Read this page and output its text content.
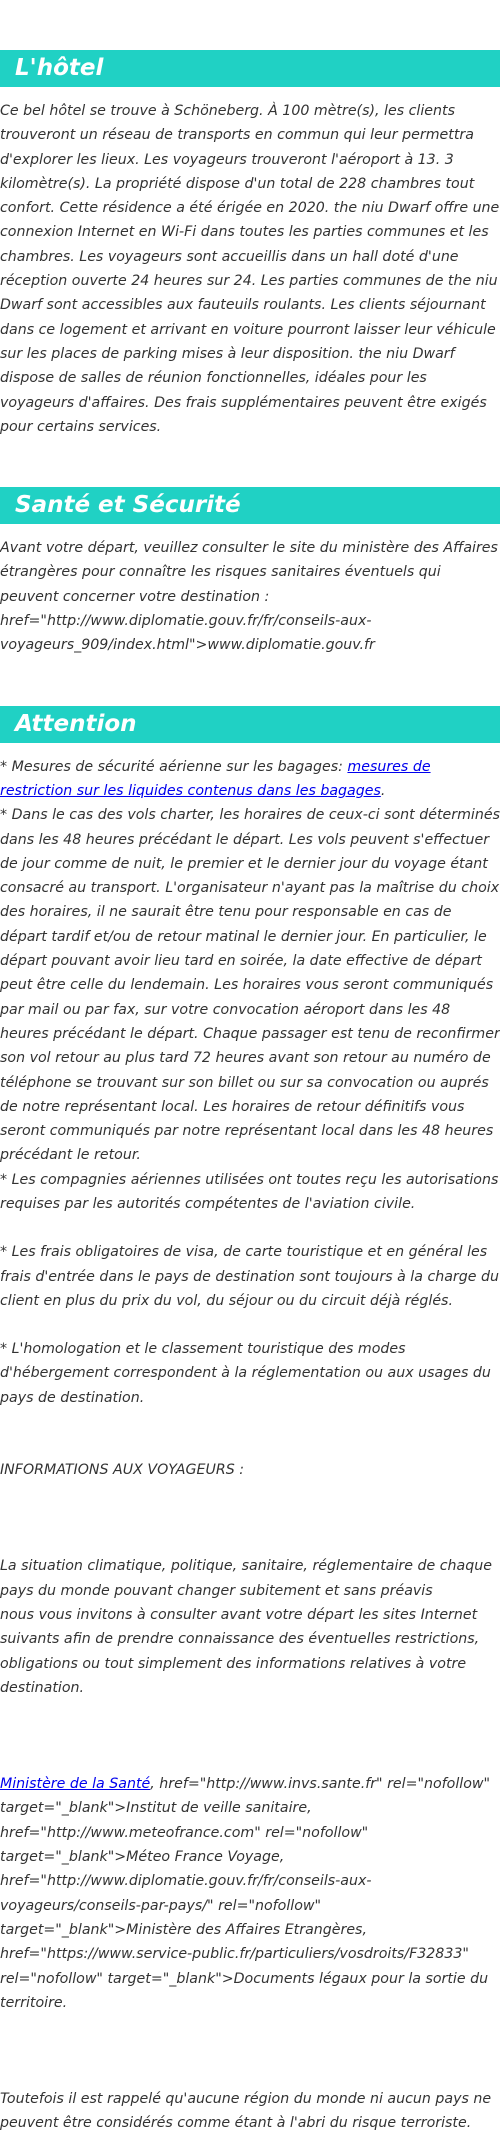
L'hôtel

Ce bel hôtel se trouve à Schöneberg. À 100 mètre(s), les clients trouveront un réseau de transports en commun qui leur permettra d'explorer les lieux. Les voyageurs trouveront l'aéroport à 13. 3 kilomètre(s). La propriété dispose d'un total de 228 chambres tout confort. Cette résidence a été érigée en 2020. the niu Dwarf offre une connexion Internet en Wi-Fi dans toutes les parties communes et les chambres. Les voyageurs sont accueillis dans un hall doté d'une réception ouverte 24 heures sur 24. Les parties communes de the niu Dwarf sont accessibles aux fauteuils roulants. Les clients séjournant dans ce logement et arrivant en voiture pourront laisser leur véhicule sur les places de parking mises à leur disposition. the niu Dwarf dispose de salles de réunion fonctionnelles, idéales pour les voyageurs d'affaires. Des frais supplémentaires peuvent être exigés pour certains services.

Santé et Sécurité

Avant votre départ, veuillez consulter le site du ministère des Affaires étrangères pour connaître les risques sanitaires éventuels qui peuvent concerner votre destination : href="http://www.diplomatie.gouv.fr/fr/conseils-aux-voyageurs_909/index.html">www.diplomatie.gouv.fr

Attention

* Mesures de sécurité aérienne sur les bagages: mesures de restriction sur les liquides contenus dans les bagages.

* Dans le cas des vols charter, les horaires de ceux-ci sont déterminés dans les 48 heures précédant le départ. Les vols peuvent s'effectuer de jour comme de nuit, le premier et le dernier jour du voyage étant consacré au transport. L'organisateur n'ayant pas la maîtrise du choix des horaires, il ne saurait être tenu pour responsable en cas de départ tardif et/ou de retour matinal le dernier jour. En particulier, le départ pouvant avoir lieu tard en soirée, la date effective de départ peut être celle du lendemain. Les horaires vous seront communiqués par mail ou par fax, sur votre convocation aéroport dans les 48 heures précédant le départ. Chaque passager est tenu de reconfirmer son vol retour au plus tard 72 heures avant son retour au numéro de téléphone se trouvant sur son billet ou sur sa convocation ou auprés de notre représentant local. Les horaires de retour définitifs vous seront communiqués par notre représentant local dans les 48 heures précédant le retour.

* Les compagnies aériennes utilisées ont toutes reçu les autorisations requises par les autorités compétentes de l'aviation civile.

* Les frais obligatoires de visa, de carte touristique et en général les frais d'entrée dans le pays de destination sont toujours à la charge du client en plus du prix du vol, du séjour ou du circuit déjà réglés.

* L'homologation et le classement touristique des modes d'hébergement correspondent à la réglementation ou aux usages du pays de destination.

INFORMATIONS AUX VOYAGEURS :

La situation climatique, politique, sanitaire, réglementaire de chaque pays du monde pouvant changer subitement et sans préavis

nous vous invitons à consulter avant votre départ les sites Internet suivants afin de prendre connaissance des éventuelles restrictions, obligations ou tout simplement des informations relatives à votre destination.

Ministère de la Santé, href="http://www.invs.sante.fr" rel="nofollow" target="_blank">Institut de veille sanitaire, href="http://www.meteofrance.com" rel="nofollow" target="_blank">Méteo France Voyage, href="http://www.diplomatie.gouv.fr/fr/conseils-aux-voyageurs/conseils-par-pays/" rel="nofollow" target="_blank">Ministère des Affaires Etrangères, href="https://www.service-public.fr/particuliers/vosdroits/F32833" rel="nofollow" target="_blank">Documents légaux pour la sortie du territoire.

Toutefois il est rappelé qu'aucune région du monde ni aucun pays ne peuvent être considérés comme étant à l'abri du risque terroriste.
